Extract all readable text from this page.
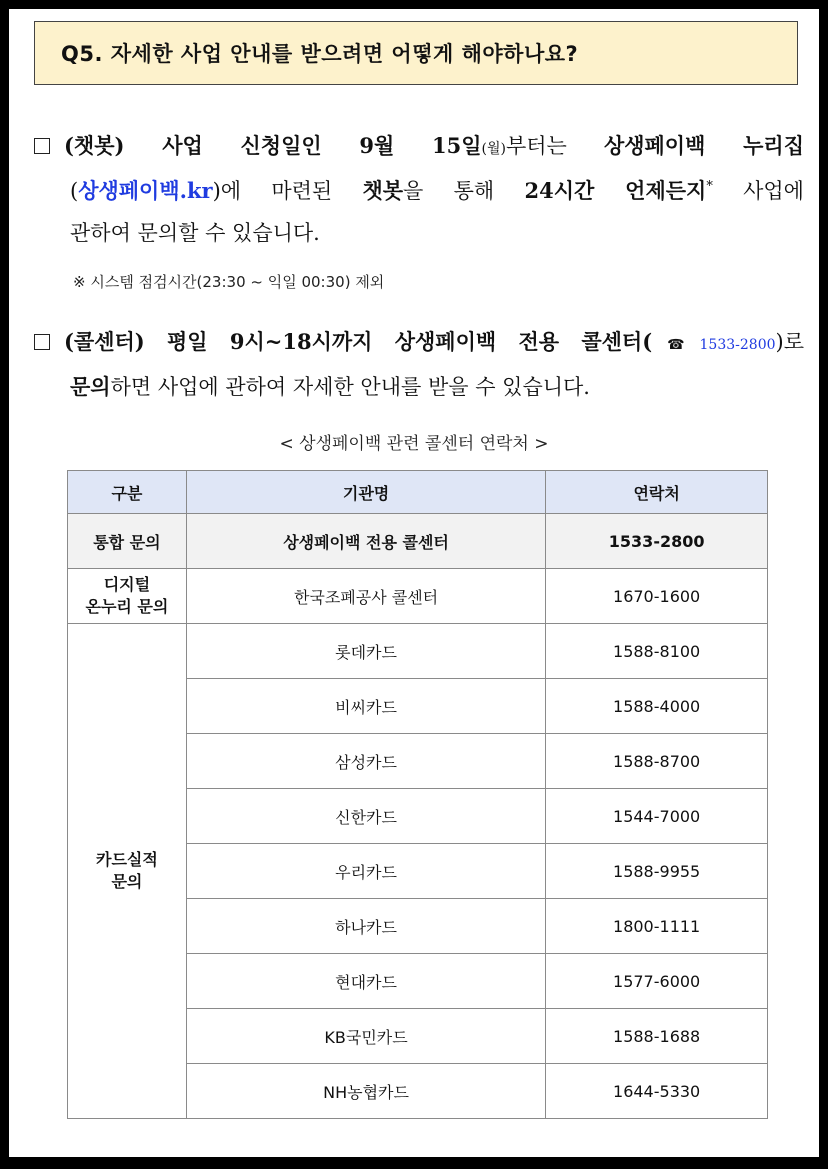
Q5. 자세한 사업 안내를 받으려면 어떻게 해야하나요?
(챗봇) 사업 신청일인 9월 15일(월)부터는 상생페이백 누리집
(상생페이백.kr)에 마련된 챗봇을 통해 24시간 언제든지* 사업에
관하여 문의할 수 있습니다.
※ 시스템 점검시간(23:30 ~ 익일 00:30) 제외
(콜센터) 평일 9시~18시까지 상생페이백 전용 콜센터(☎1533-2800)로
문의하면 사업에 관하여 자세한 안내를 받을 수 있습니다.
< 상생페이백 관련 콜센터 연락처 >
구분	기관명	연락처
통합 문의	상생페이백 전용 콜센터	1533-2800

디지털
온누리 문의	한국조폐공사 콜센터	1670-1600

카드실적
문의	롯데카드	1588-8100
	비씨카드	1588-4000
	삼성카드	1588-8700
	신한카드	1544-7000
	우리카드	1588-9955
	하나카드	1800-1111
	현대카드	1577-6000
	KB국민카드	1588-1688
	NH농협카드	1644-5330
